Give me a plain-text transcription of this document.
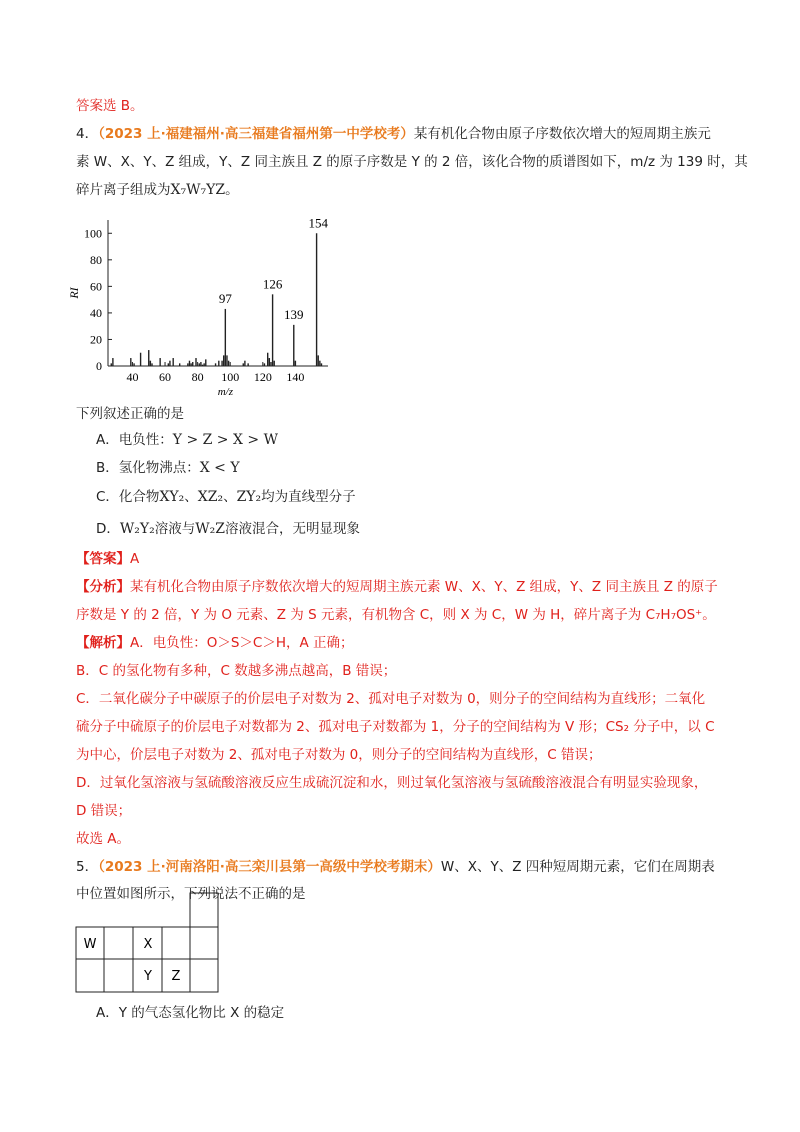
答案选 B。
4．（2023 上·福建福州·高三福建省福州第一中学校考）某有机化合物由原子序数依次增大的短周期主族元
素 W、X、Y、Z 组成，Y、Z 同主族且 Z 的原子序数是 Y 的 2 倍，该化合物的质谱图如下，m/z 为 139 时，其
碎片离子组成为X₇W₇YZ。
0
20
40
60
80
100
40 60 80 100 120 140
97
126
139
154
RI
m/z
下列叙述正确的是
A．电负性：Y > Z > X > W
B．氢化物沸点：X < Y
C．化合物XY₂、XZ₂、ZY₂均为直线型分子
D．W₂Y₂溶液与W₂Z溶液混合，无明显现象
【答案】A
【分析】某有机化合物由原子序数依次增大的短周期主族元素 W、X、Y、Z 组成，Y、Z 同主族且 Z 的原子
序数是 Y 的 2 倍，Y 为 O 元素、Z 为 S 元素，有机物含 C，则 X 为 C，W 为 H，碎片离子为 C₇H₇OS⁺。
【解析】A．电负性：O＞S＞C＞H，A 正确；
B．C 的氢化物有多种，C 数越多沸点越高，B 错误；
C．二氧化碳分子中碳原子的价层电子对数为 2、孤对电子对数为 0，则分子的空间结构为直线形；二氧化
硫分子中硫原子的价层电子对数都为 2、孤对电子对数都为 1，分子的空间结构为 V 形；CS₂ 分子中，以 C
为中心，价层电子对数为 2、孤对电子对数为 0，则分子的空间结构为直线形，C 错误；
D．过氧化氢溶液与氢硫酸溶液反应生成硫沉淀和水，则过氧化氢溶液与氢硫酸溶液混合有明显实验现象，
D 错误；
故选 A。
5．（2023 上·河南洛阳·高三栾川县第一高级中学校考期末）W、X、Y、Z 四种短周期元素，它们在周期表
中位置如图所示，下列说法不正确的是
W	X
Y Z
A．Y 的气态氢化物比 X 的稳定
